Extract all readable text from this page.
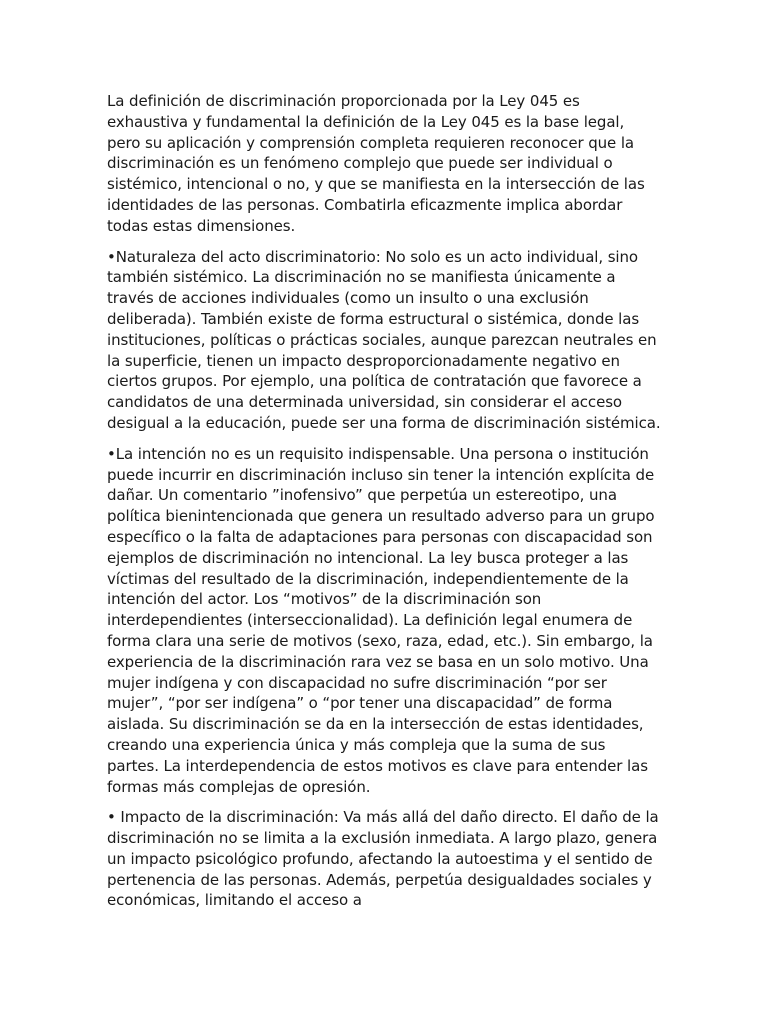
La definición de discriminación proporcionada por la Ley 045 es exhaustiva y fundamental la definición de la Ley 045 es la base legal, pero su aplicación y comprensión completa requieren reconocer que la discriminación es un fenómeno complejo que puede ser individual o sistémico, intencional o no, y que se manifiesta en la intersección de las identidades de las personas. Combatirla eficazmente implica abordar todas estas dimensiones.

•Naturaleza del acto discriminatorio: No solo es un acto individual, sino también sistémico. La discriminación no se manifiesta únicamente a través de acciones individuales (como un insulto o una exclusión deliberada). También existe de forma estructural o sistémica, donde las instituciones, políticas o prácticas sociales, aunque parezcan neutrales en la superficie, tienen un impacto desproporcionadamente negativo en ciertos grupos. Por ejemplo, una política de contratación que favorece a candidatos de una determinada universidad, sin considerar el acceso desigual a la educación, puede ser una forma de discriminación sistémica.

•La intención no es un requisito indispensable. Una persona o institución puede incurrir en discriminación incluso sin tener la intención explícita de dañar. Un comentario ”inofensivo” que perpetúa un estereotipo, una política bienintencionada que genera un resultado adverso para un grupo específico o la falta de adaptaciones para personas con discapacidad son ejemplos de discriminación no intencional. La ley busca proteger a las víctimas del resultado de la discriminación, independientemente de la intención del actor. Los “motivos” de la discriminación son interdependientes (interseccionalidad). La definición legal enumera de forma clara una serie de motivos (sexo, raza, edad, etc.). Sin embargo, la experiencia de la discriminación rara vez se basa en un solo motivo. Una mujer indígena y con discapacidad no sufre discriminación “por ser mujer”, “por ser indígena” o “por tener una discapacidad” de forma aislada. Su discriminación se da en la intersección de estas identidades, creando una experiencia única y más compleja que la suma de sus partes. La interdependencia de estos motivos es clave para entender las formas más complejas de opresión.

• Impacto de la discriminación: Va más allá del daño directo. El daño de la discriminación no se limita a la exclusión inmediata. A largo plazo, genera un impacto psicológico profundo, afectando la autoestima y el sentido de pertenencia de las personas. Además, perpetúa desigualdades sociales y económicas, limitando el acceso a
